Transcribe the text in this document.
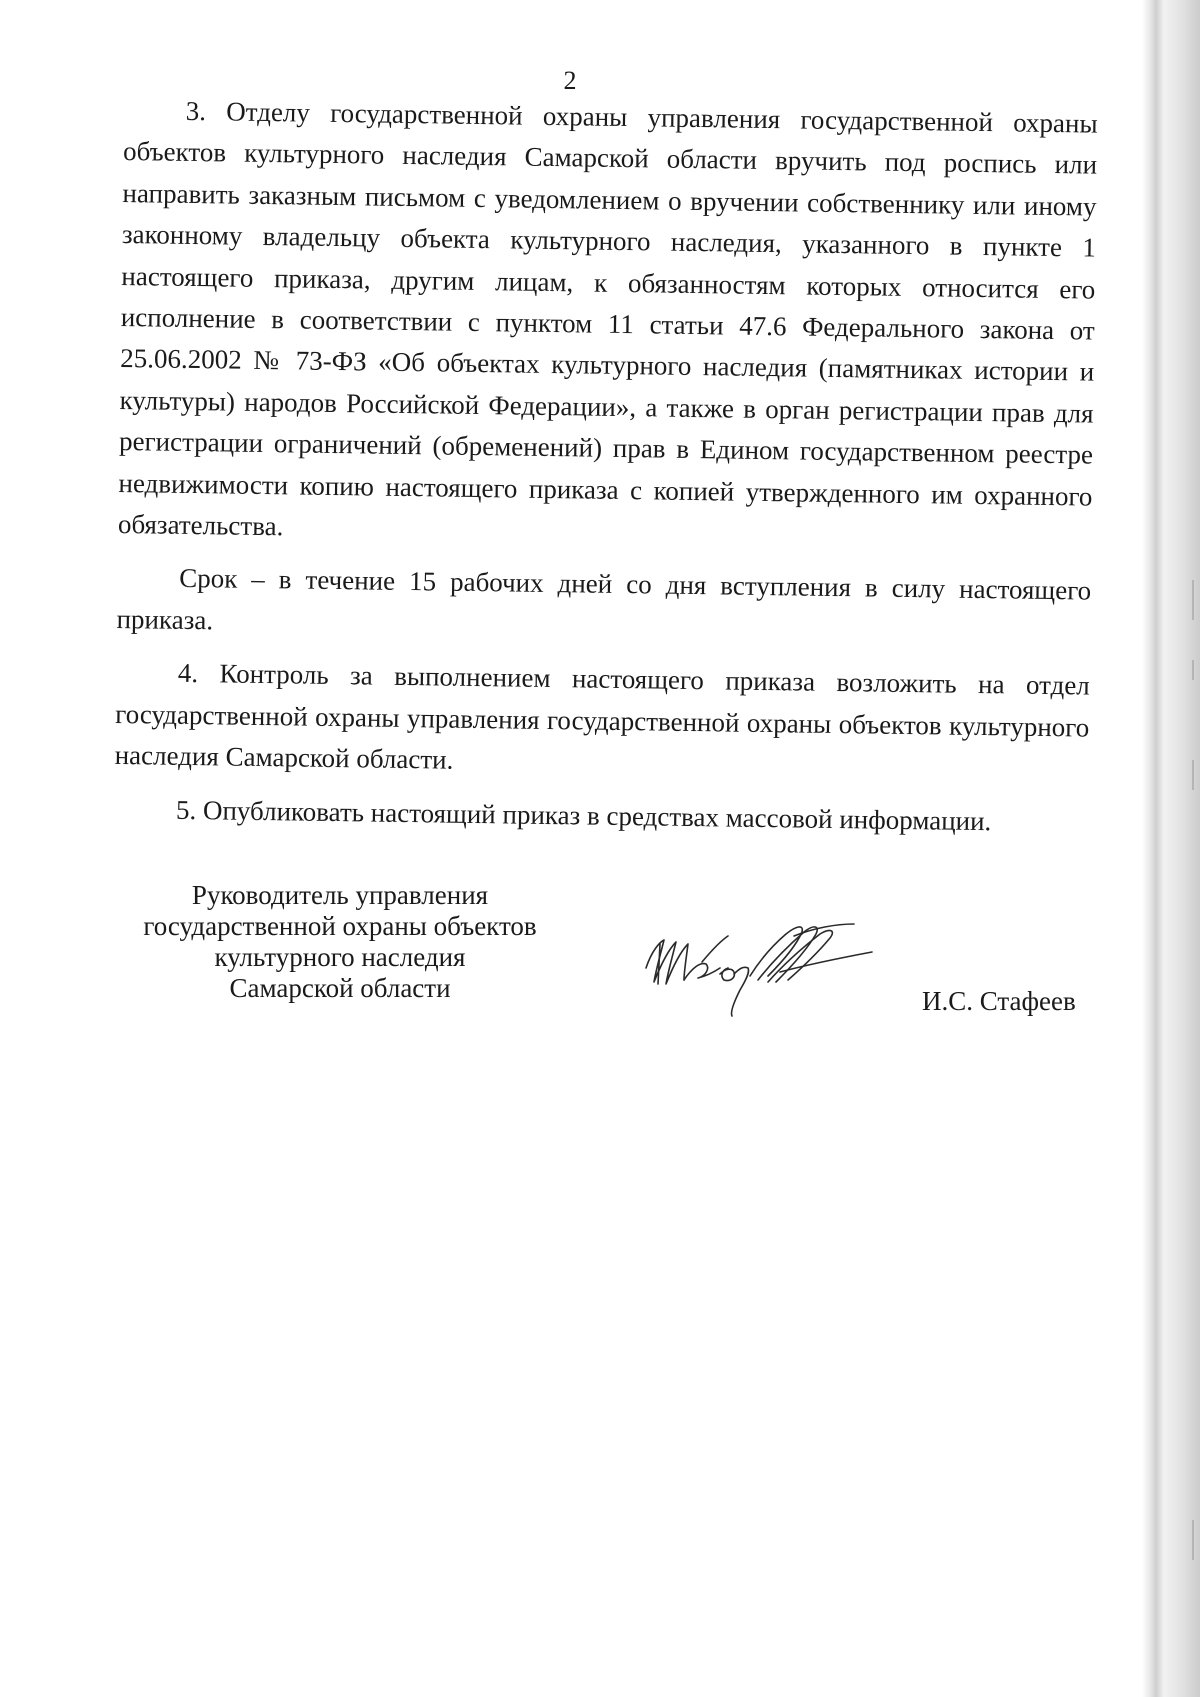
2

3. Отделу государственной охраны управления государственной охраны объектов культурного наследия Самарской области вручить под роспись или направить заказным письмом с уведомлением о вручении собственнику или иному законному владельцу объекта культурного наследия, указанного в пункте 1 настоящего приказа, другим лицам, к обязанностям которых относится его исполнение в соответствии с пунктом 11 статьи 47.6 Федерального закона от 25.06.2002 № 73-ФЗ «Об объектах культурного наследия (памятниках истории и культуры) народов Российской Федерации», а также в орган регистрации прав для регистрации ограничений (обременений) прав в Едином государственном реестре недвижимости копию настоящего приказа с копией утвержденного им охранного обязательства.

Срок – в течение 15 рабочих дней со дня вступления в силу настоящего приказа.

4. Контроль за выполнением настоящего приказа возложить на отдел государственной охраны управления государственной охраны объектов культурного наследия Самарской области.

5. Опубликовать настоящий приказ в средствах массовой информации.

Руководитель управления
государственной охраны объектов
культурного наследия
Самарской области	И.С. Стафеев
